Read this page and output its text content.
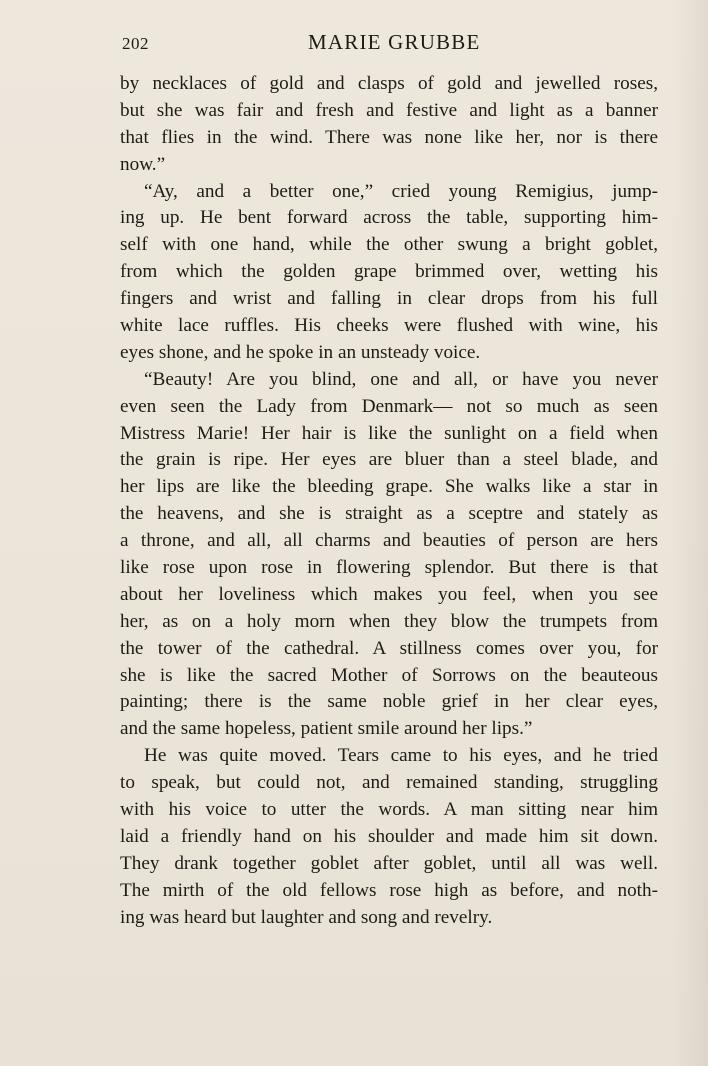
202	MARIE GRUBBE
by necklaces of gold and clasps of gold and jewelled roses,
but she was fair and fresh and festive and light as a banner
that flies in the wind. There was none like her, nor is there
now.”
“Ay, and a better one,” cried young Remigius, jump-
ing up. He bent forward across the table, supporting him-
self with one hand, while the other swung a bright goblet,
from which the golden grape brimmed over, wetting his
fingers and wrist and falling in clear drops from his full
white lace ruffles. His cheeks were flushed with wine, his
eyes shone, and he spoke in an unsteady voice.
“Beauty! Are you blind, one and all, or have you never
even seen the Lady from Denmark— not so much as seen
Mistress Marie! Her hair is like the sunlight on a field when
the grain is ripe. Her eyes are bluer than a steel blade, and
her lips are like the bleeding grape. She walks like a star in
the heavens, and she is straight as a sceptre and stately as
a throne, and all, all charms and beauties of person are hers
like rose upon rose in flowering splendor. But there is that
about her loveliness which makes you feel, when you see
her, as on a holy morn when they blow the trumpets from
the tower of the cathedral. A stillness comes over you, for
she is like the sacred Mother of Sorrows on the beauteous
painting; there is the same noble grief in her clear eyes,
and the same hopeless, patient smile around her lips.”
He was quite moved. Tears came to his eyes, and he tried
to speak, but could not, and remained standing, struggling
with his voice to utter the words. A man sitting near him
laid a friendly hand on his shoulder and made him sit down.
They drank together goblet after goblet, until all was well.
The mirth of the old fellows rose high as before, and noth-
ing was heard but laughter and song and revelry.
